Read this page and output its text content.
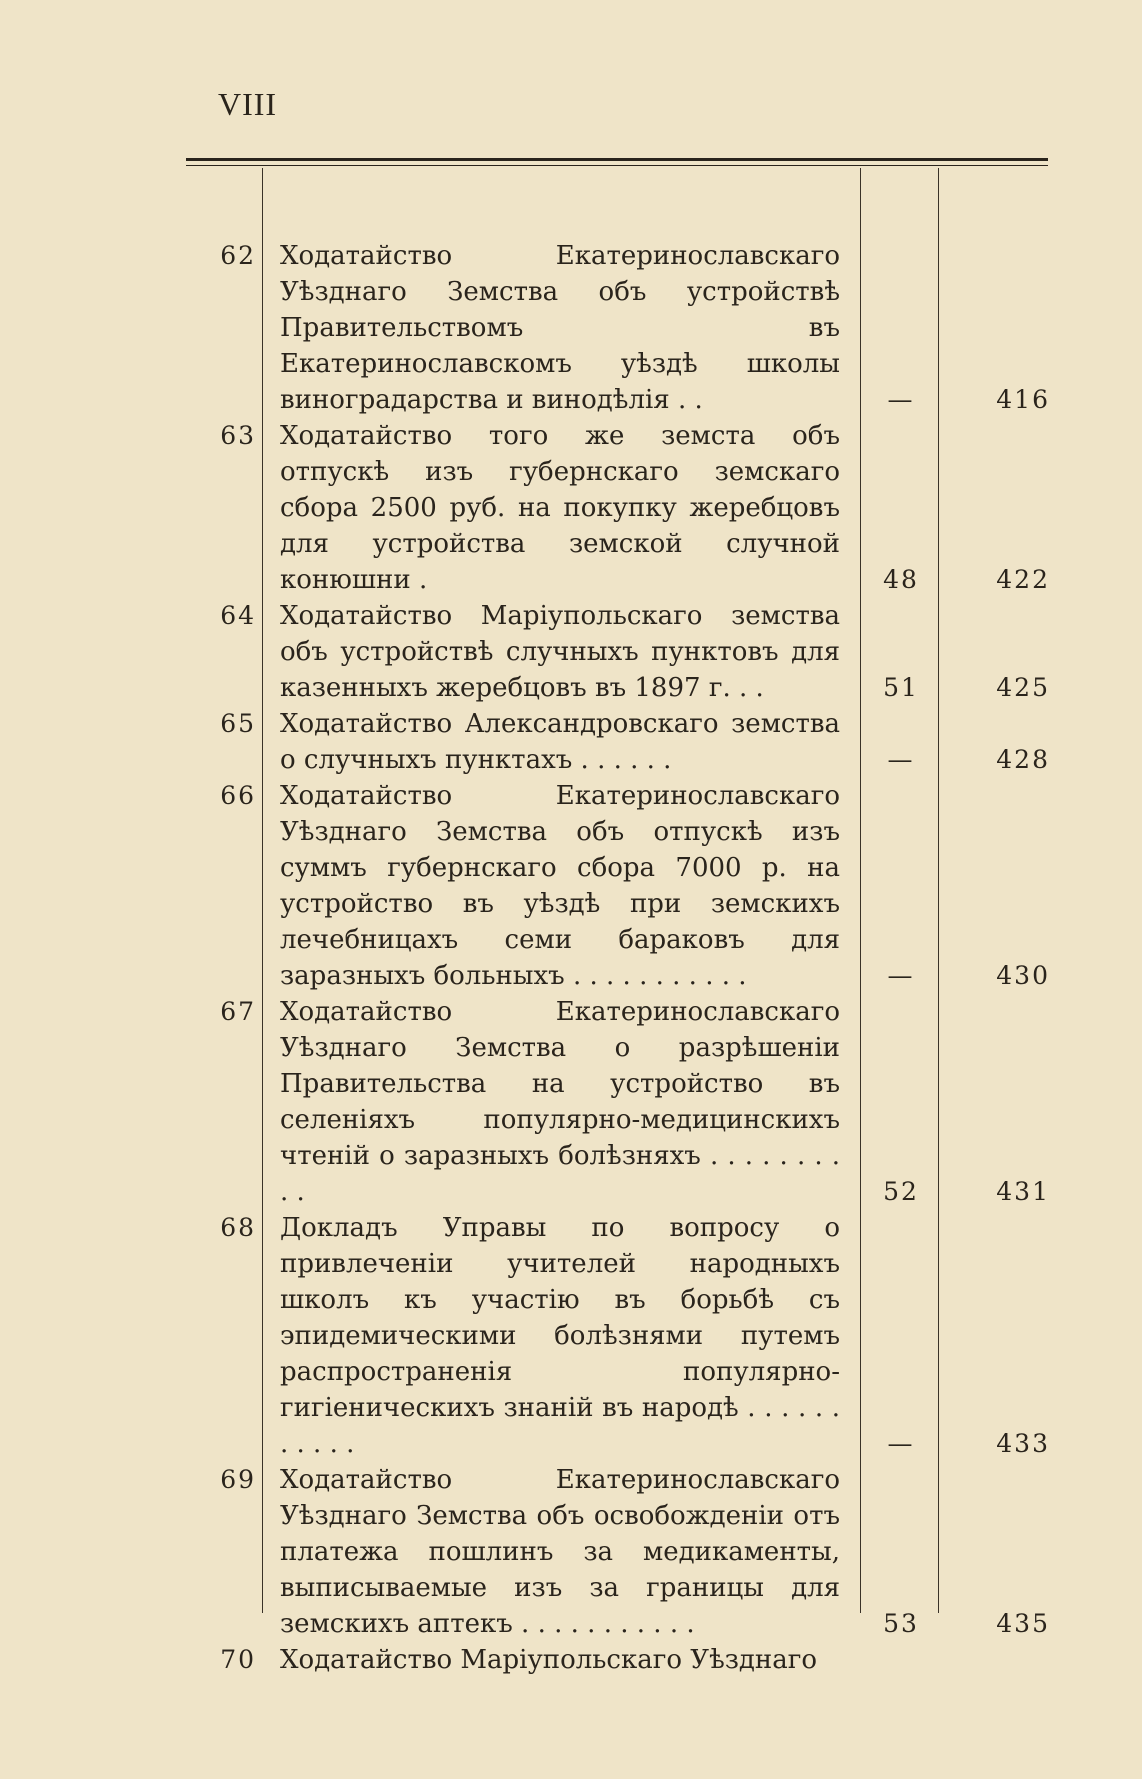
VIII
62 Ходатайство Екатеринославскаго Уѣзднаго Земства объ устройствѣ Правительствомъ въ Екатеринославскомъ уѣздѣ школы виноградарства и винодѣлія . .	—	416
63 Ходатайство того же земста объ отпускѣ изъ губернскаго земскаго сбора 2500 руб. на покупку жеребцовъ для устройства земской случной конюшни .	48	422
64 Ходатайство Маріупольскаго земства объ устройствѣ случныхъ пунктовъ для казенныхъ жеребцовъ въ 1897 г. . .	51	425
65 Ходатайство Александровскаго земства о случныхъ пунктахъ . . . . . .	—	428
66 Ходатайство Екатеринославскаго Уѣзднаго Земства объ отпускѣ изъ суммъ губернскаго сбора 7000 р. на устройство въ уѣздѣ при земскихъ лечебницахъ семи бараковъ для заразныхъ больныхъ . . . . . . . . . . .	—	430
67 Ходатайство Екатеринославскаго Уѣзднаго Земства о разрѣшеніи Правительства на устройство въ селеніяхъ популярно-медицинскихъ чтеній о заразныхъ болѣзняхъ . . . . . . . . . .	52	431
68 Докладъ Управы по вопросу о привлеченіи учителей народныхъ школъ къ участію въ борьбѣ съ эпидемическими болѣзнями путемъ распространенія популярно-гигіеническихъ знаній въ народѣ . . . . . . . . . . .	—	433
69 Ходатайство Екатеринославскаго Уѣзднаго Земства объ освобожденіи отъ платежа пошлинъ за медикаменты, выписываемые изъ за границы для земскихъ аптекъ . . . . . . . . . . .	53	435
70 Ходатайство Маріупольскаго Уѣзднаго
